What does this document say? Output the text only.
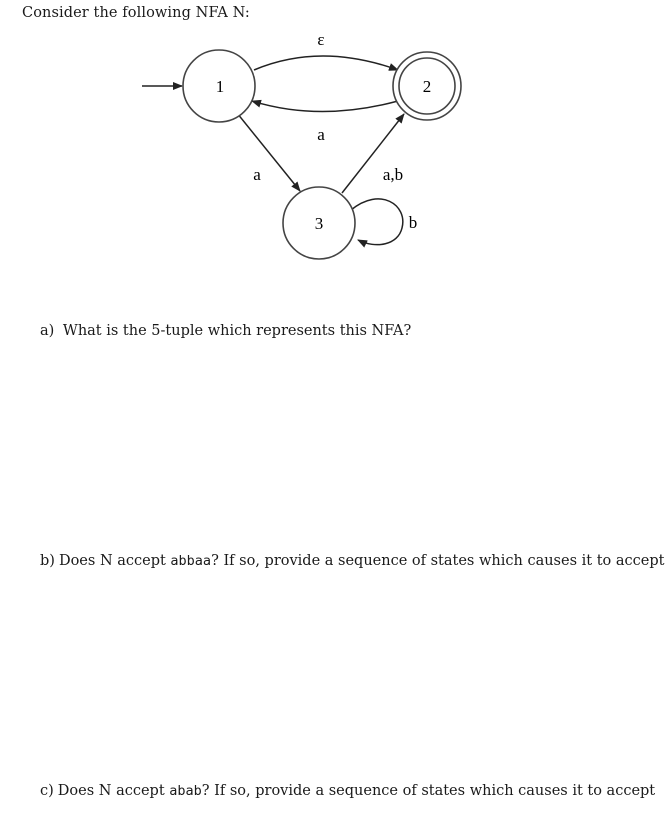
Consider the following NFA N:
1	2
3
ε
a
a	a,b
b
a) What is the 5-tuple which represents this NFA?
b) Does N accept abbaa? If so, provide a sequence of states which causes it to accept
c) Does N accept abab? If so, provide a sequence of states which causes it to accept
